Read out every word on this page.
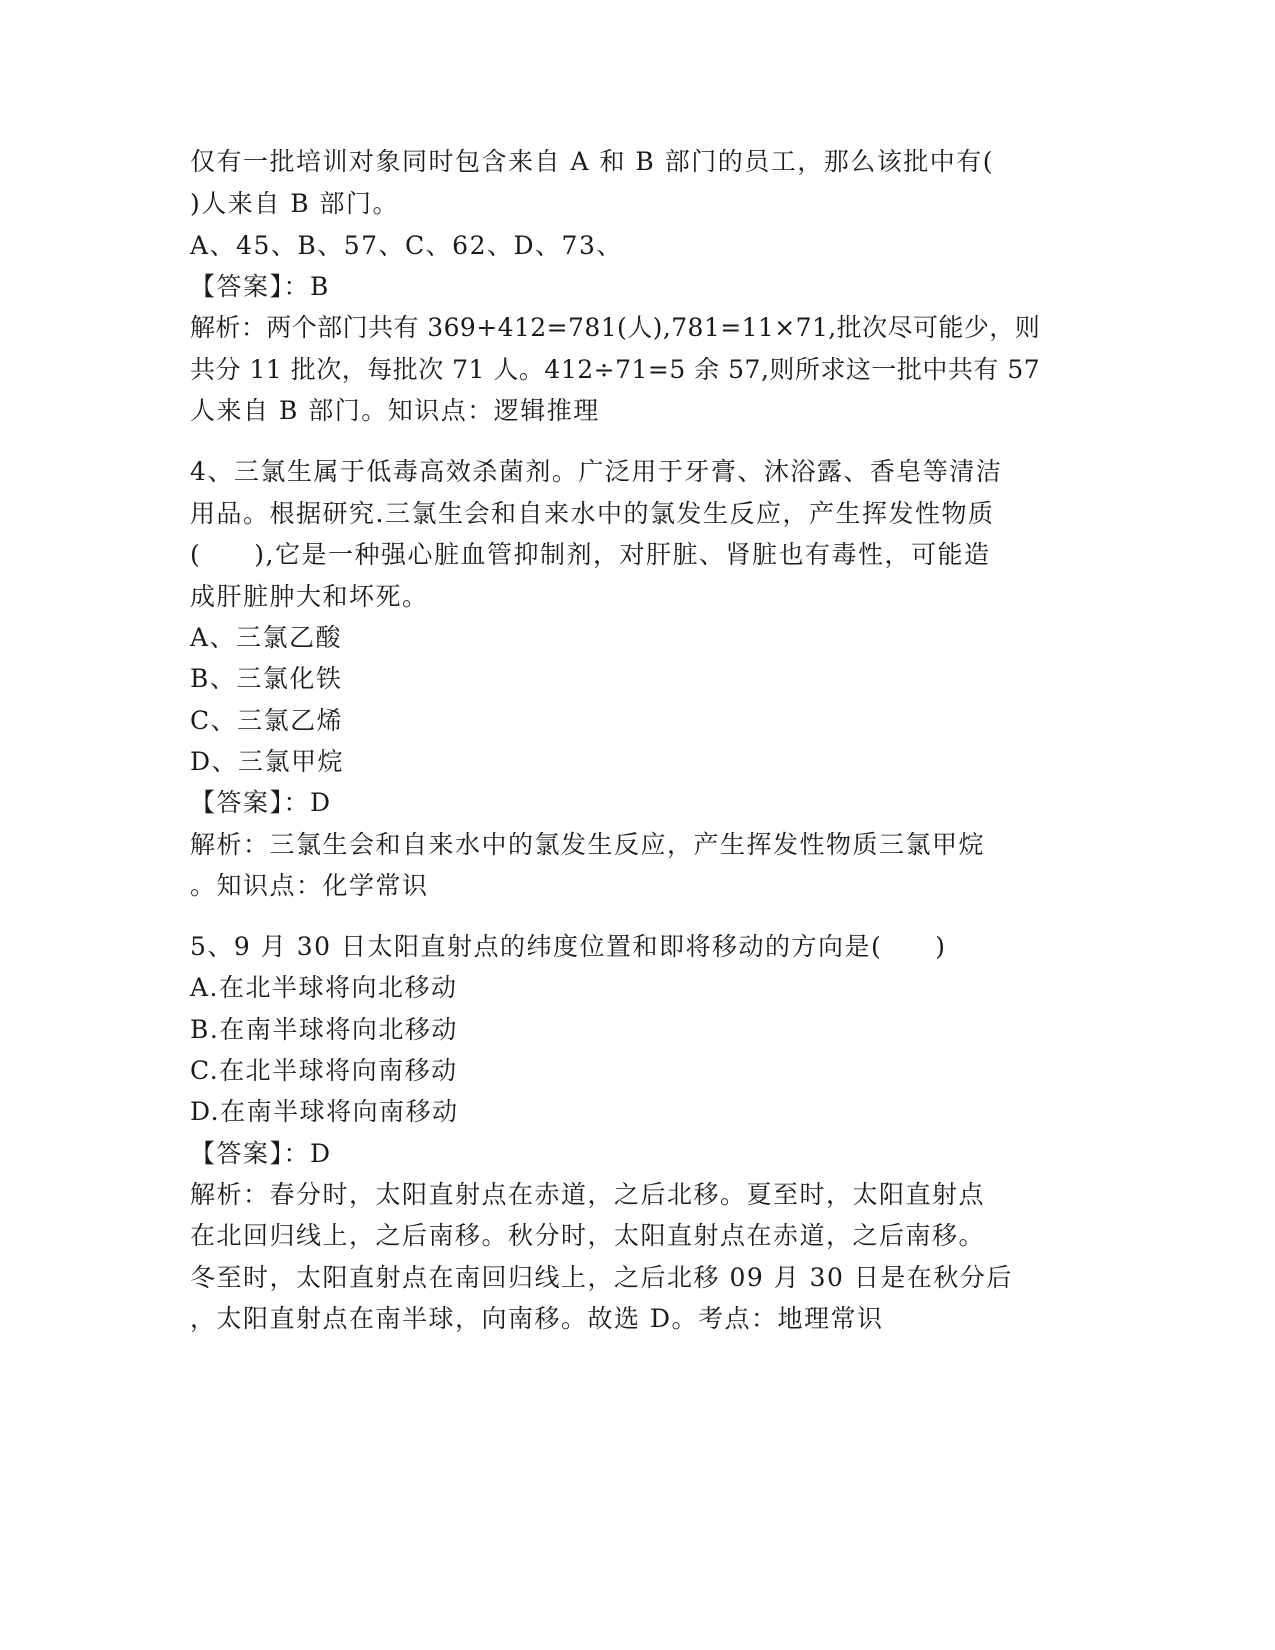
仅有一批培训对象同时包含来自 A 和 B 部门的员工，那么该批中有(
)人来自 B 部门。
A、45、B、57、C、62、D、73、
【答案】：B
解析：两个部门共有 369+412=781(人),781=11×71,批次尽可能少，则
共分 11 批次，每批次 71 人。412÷71=5 余 57,则所求这一批中共有 57
人来自 B 部门。知识点：逻辑推理
4、三氯生属于低毒高效杀菌剂。广泛用于牙膏、沐浴露、香皂等清洁
用品。根据研究.三氯生会和自来水中的氯发生反应，产生挥发性物质
(　　),它是一种强心脏血管抑制剂，对肝脏、肾脏也有毒性，可能造
成肝脏肿大和坏死。
A、三氯乙酸
B、三氯化铁
C、三氯乙烯
D、三氯甲烷
【答案】：D
解析：三氯生会和自来水中的氯发生反应，产生挥发性物质三氯甲烷
。知识点：化学常识
5、9 月 30 日太阳直射点的纬度位置和即将移动的方向是(　　)
A.在北半球将向北移动
B.在南半球将向北移动
C.在北半球将向南移动
D.在南半球将向南移动
【答案】：D
解析：春分时，太阳直射点在赤道，之后北移。夏至时，太阳直射点
在北回归线上，之后南移。秋分时，太阳直射点在赤道，之后南移。
冬至时，太阳直射点在南回归线上，之后北移 09 月 30 日是在秋分后
，太阳直射点在南半球，向南移。故选 D。考点：地理常识
